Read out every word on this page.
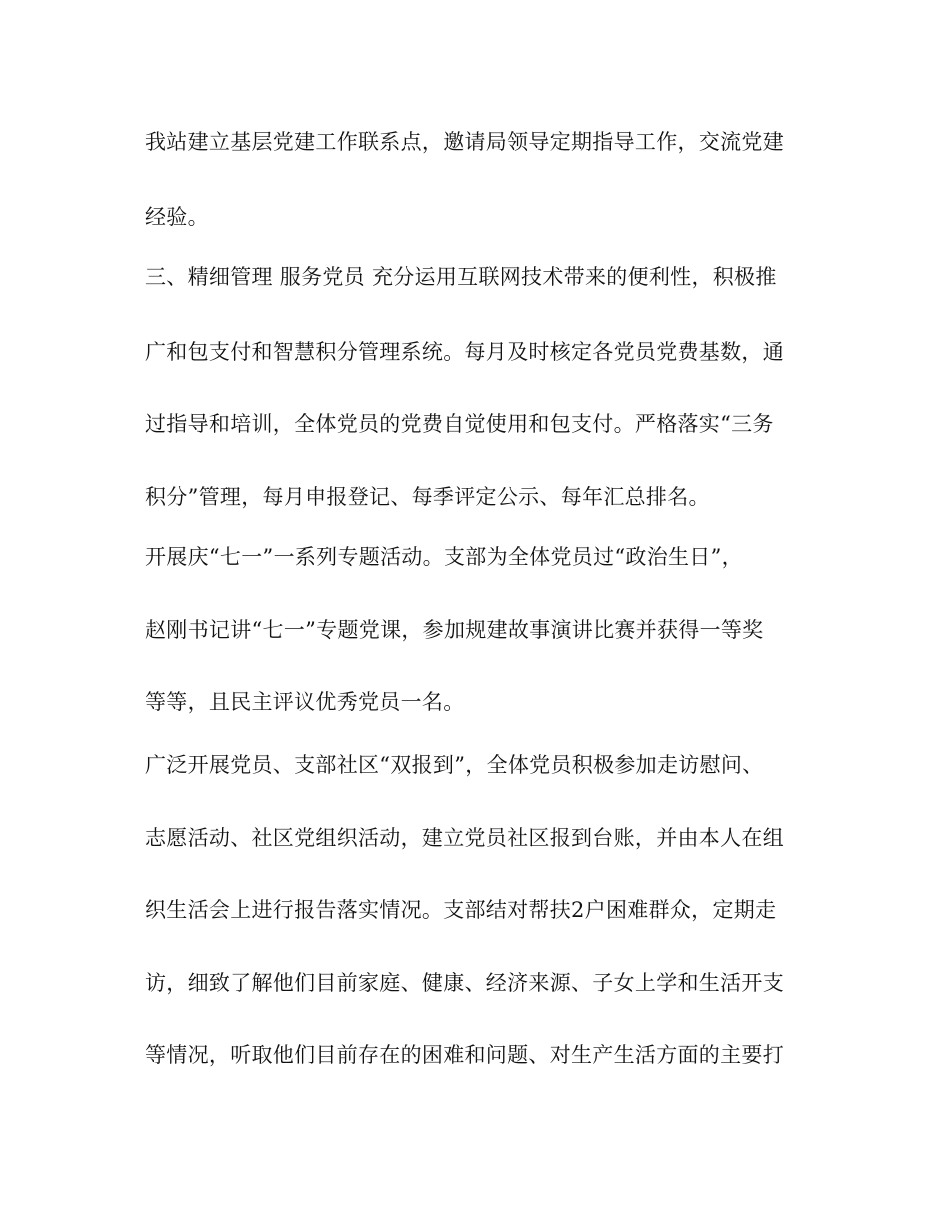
我站建立基层党建工作联系点，邀请局领导定期指导工作，交流党建
经验。
三、精细管理 服务党员 充分运用互联网技术带来的便利性，积极推
广和包支付和智慧积分管理系统。每月及时核定各党员党费基数，通
过指导和培训，全体党员的党费自觉使用和包支付。严格落实“三务
积分”管理，每月申报登记、每季评定公示、每年汇总排名。
开展庆“七一”一系列专题活动。支部为全体党员过“政治生日”，
赵刚书记讲“七一”专题党课，参加规建故事演讲比赛并获得一等奖
等等，且民主评议优秀党员一名。
广泛开展党员、支部社区“双报到”，全体党员积极参加走访慰问、
志愿活动、社区党组织活动，建立党员社区报到台账，并由本人在组
织生活会上进行报告落实情况。支部结对帮扶2户困难群众，定期走
访，细致了解他们目前家庭、健康、经济来源、子女上学和生活开支
等情况，听取他们目前存在的困难和问题、对生产生活方面的主要打
